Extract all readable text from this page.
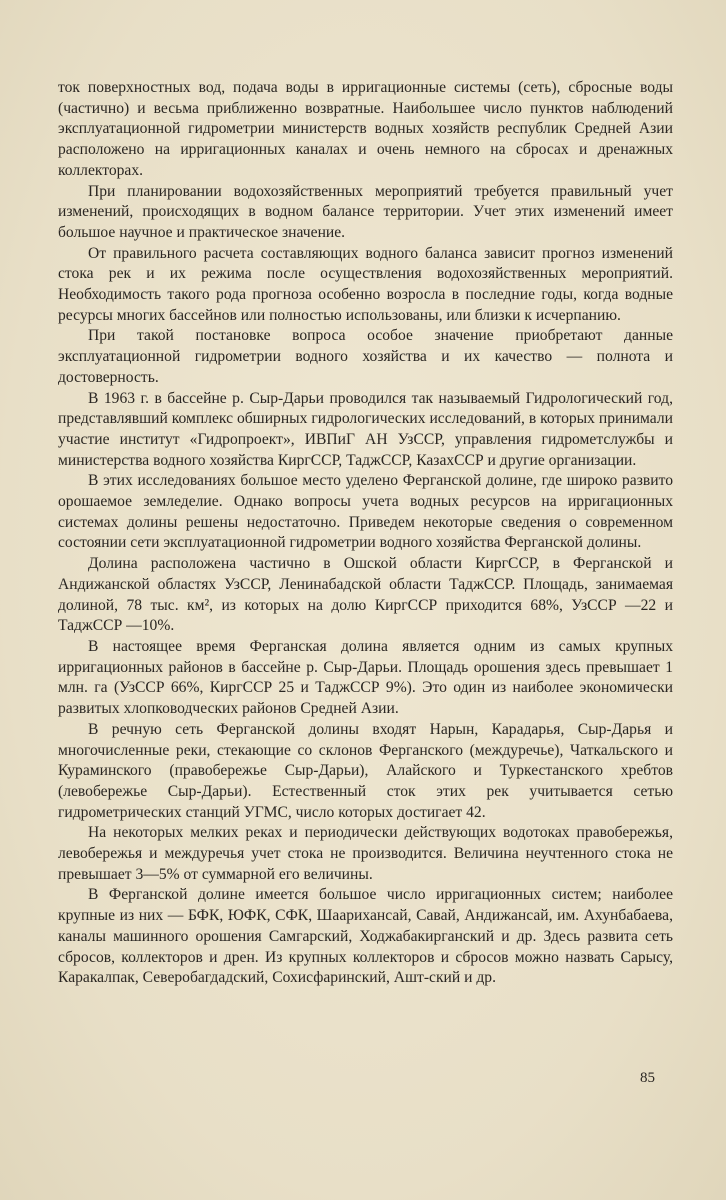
ток поверхностных вод, подача воды в ирригационные системы (сеть), сбросные воды (частично) и весьма приближенно возвратные. Наибольшее число пунктов наблюдений эксплуатационной гидрометрии министерств водных хозяйств республик Средней Азии расположено на ирригационных каналах и очень немного на сбросах и дренажных коллекторах.

При планировании водохозяйственных мероприятий требуется правильный учет изменений, происходящих в водном балансе территории. Учет этих изменений имеет большое научное и практическое значение.

От правильного расчета составляющих водного баланса зависит прогноз изменений стока рек и их режима после осуществления водохозяйственных мероприятий. Необходимость такого рода прогноза особенно возросла в последние годы, когда водные ресурсы многих бассейнов или полностью использованы, или близки к исчерпанию.

При такой постановке вопроса особое значение приобретают данные эксплуатационной гидрометрии водного хозяйства и их качество — полнота и достоверность.

В 1963 г. в бассейне р. Сыр-Дарьи проводился так называемый Гидрологический год, представлявший комплекс обширных гидрологических исследований, в которых принимали участие институт «Гидропроект», ИВПиГ АН УзССР, управления гидрометслужбы и министерства водного хозяйства КиргССР, ТаджССР, КазахССР и другие организации.

В этих исследованиях большое место уделено Ферганской долине, где широко развито орошаемое земледелие. Однако вопросы учета водных ресурсов на ирригационных системах долины решены недостаточно. Приведем некоторые сведения о современном состоянии сети эксплуатационной гидрометрии водного хозяйства Ферганской долины.

Долина расположена частично в Ошской области КиргССР, в Ферганской и Андижанской областях УзССР, Ленинабадской области ТаджССР. Площадь, занимаемая долиной, 78 тыс. км², из которых на долю КиргССР приходится 68%, УзССР —22 и ТаджССР —10%.

В настоящее время Ферганская долина является одним из самых крупных ирригационных районов в бассейне р. Сыр-Дарьи. Площадь орошения здесь превышает 1 млн. га (УзССР 66%, КиргССР 25 и ТаджССР 9%). Это один из наиболее экономически развитых хлопководческих районов Средней Азии.

В речную сеть Ферганской долины входят Нарын, Карадарья, Сыр-Дарья и многочисленные реки, стекающие со склонов Ферганского (междуречье), Чаткальского и Кураминского (правобережье Сыр-Дарьи), Алайского и Туркестанского хребтов (левобережье Сыр-Дарьи). Естественный сток этих рек учитывается сетью гидрометрических станций УГМС, число которых достигает 42.

На некоторых мелких реках и периодически действующих водотоках правобережья, левобережья и междуречья учет стока не производится. Величина неучтенного стока не превышает 3—5% от суммарной его величины.

В Ферганской долине имеется большое число ирригационных систем; наиболее крупные из них — БФК, ЮФК, СФК, Шаарихансай, Савай, Андижансай, им. Ахунбабаева, каналы машинного орошения Самгарский, Ходжабакирганский и др. Здесь развита сеть сбросов, коллекторов и дрен. Из крупных коллекторов и сбросов можно назвать Сарысу, Каракалпак, Северобагдадский, Сохисфаринский, Ашт-ский и др.

85
